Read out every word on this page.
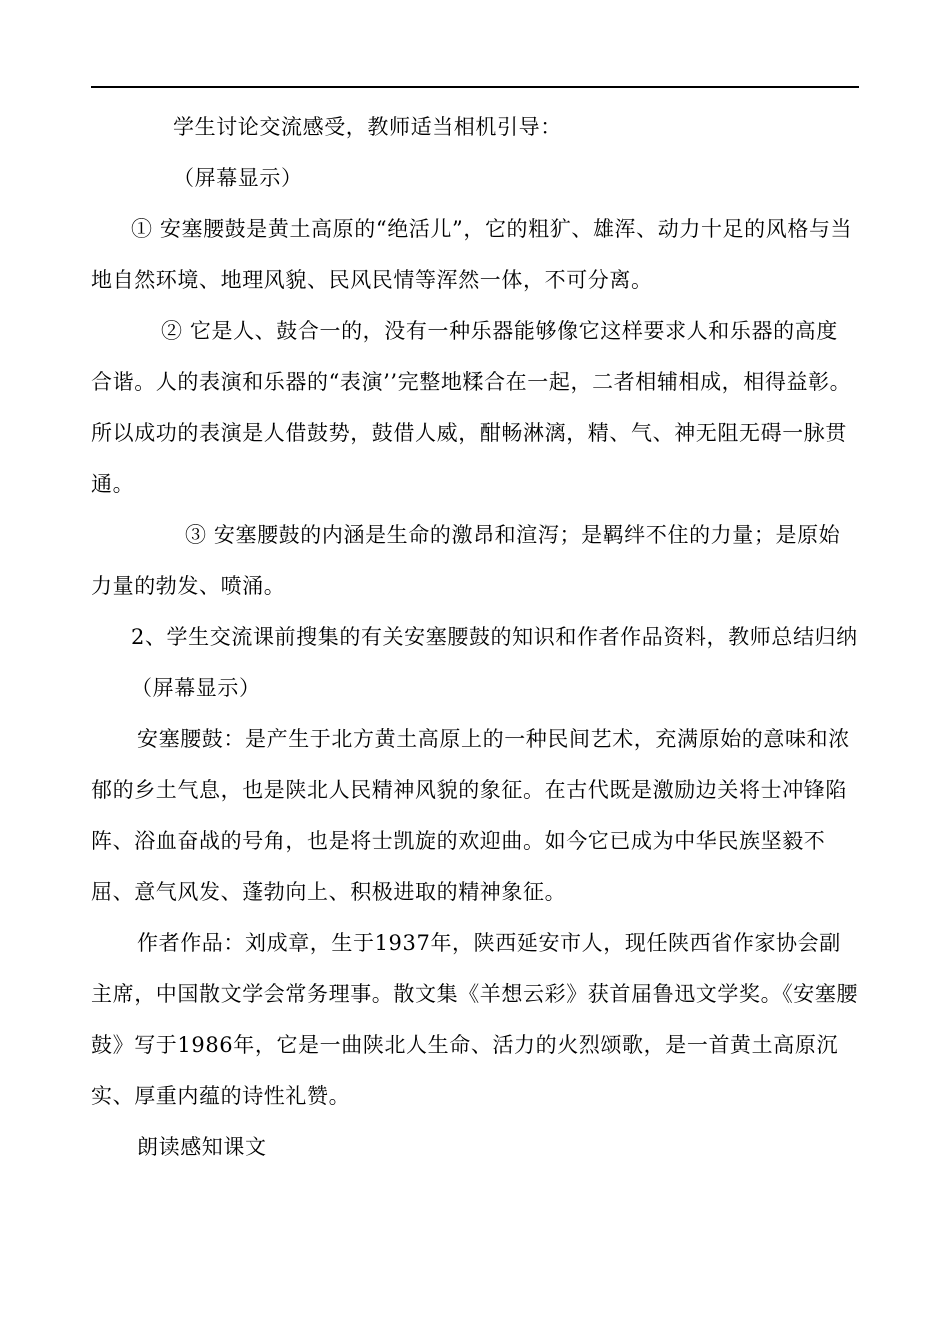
学生讨论交流感受，教师适当相机引导：

（屏幕显示）

① 安塞腰鼓是黄土高原的“绝活儿”，它的粗犷、雄浑、动力十足的风格与当地自然环境、地理风貌、民风民情等浑然一体，不可分离。

② 它是人、鼓合一的，没有一种乐器能够像它这样要求人和乐器的高度合谐。人的表演和乐器的“表演’’完整地糅合在一起，二者相辅相成，相得益彰。所以成功的表演是人借鼓势，鼓借人威，酣畅淋漓，精、气、神无阻无碍一脉贯通。

③ 安塞腰鼓的内涵是生命的激昂和渲泻；是羁绊不住的力量；是原始力量的勃发、喷涌。

2、学生交流课前搜集的有关安塞腰鼓的知识和作者作品资料，教师总结归纳

（屏幕显示）

安塞腰鼓：是产生于北方黄土高原上的一种民间艺术，充满原始的意味和浓郁的乡土气息，也是陕北人民精神风貌的象征。在古代既是激励边关将士冲锋陷阵、浴血奋战的号角，也是将士凯旋的欢迎曲。如今它已成为中华民族坚毅不屈、意气风发、蓬勃向上、积极进取的精神象征。

作者作品：刘成章，生于1937年，陕西延安市人，现任陕西省作家协会副主席，中国散文学会常务理事。散文集《羊想云彩》获首届鲁迅文学奖。《安塞腰鼓》写于1986年，它是一曲陕北人生命、活力的火烈颂歌，是一首黄土高原沉实、厚重内蕴的诗性礼赞。

朗读感知课文
